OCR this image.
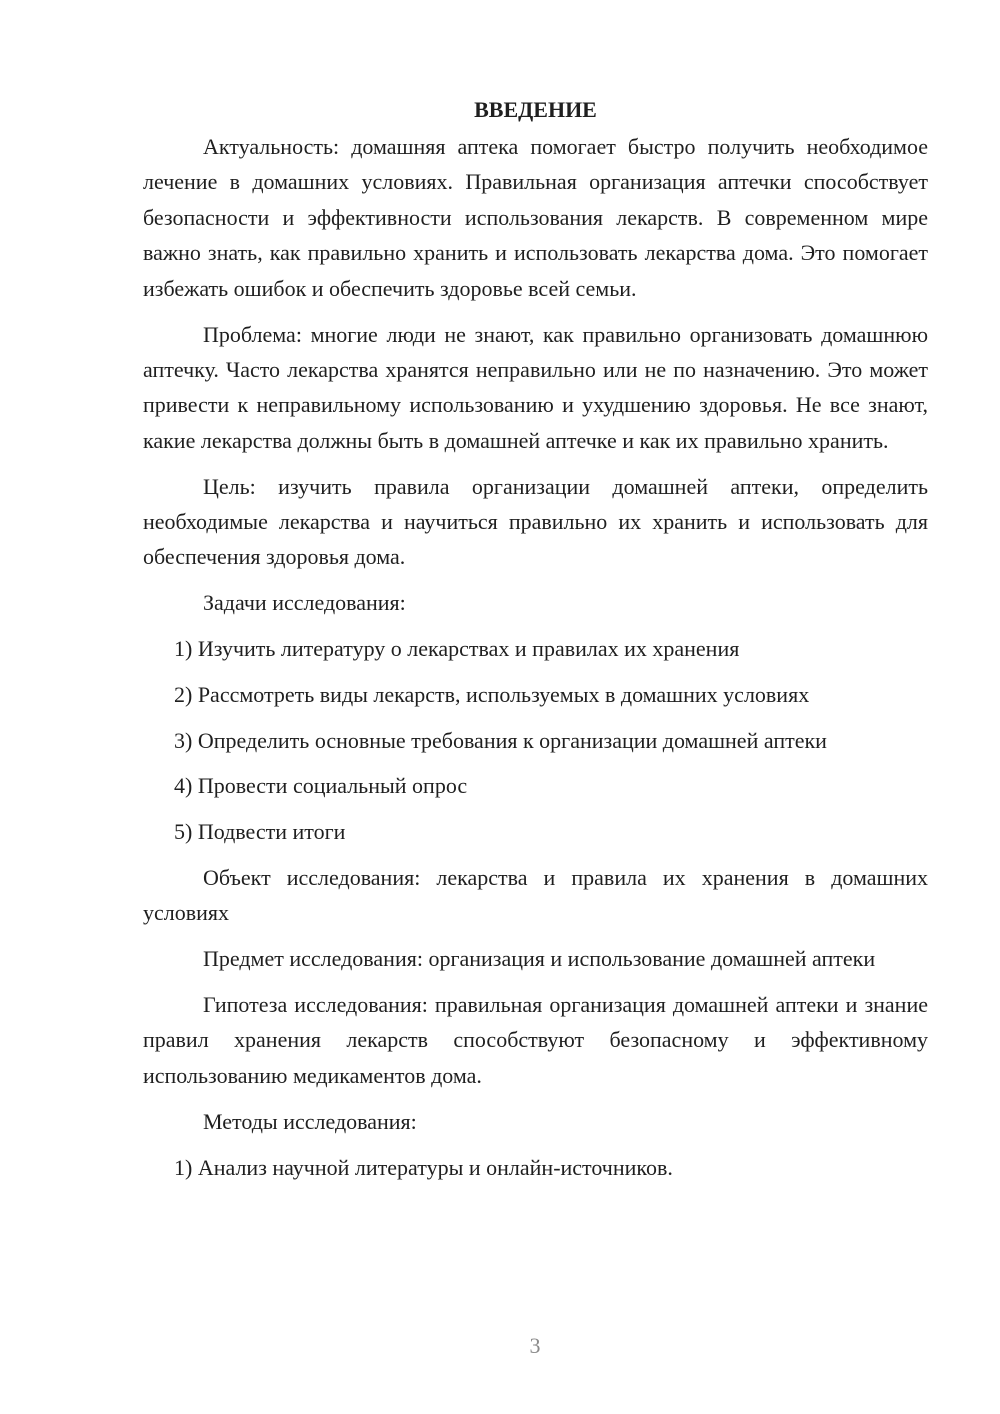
ВВЕДЕНИЕ

Актуальность: домашняя аптека помогает быстро получить необходимое лечение в домашних условиях. Правильная организация аптечки способствует безопасности и эффективности использования лекарств. В современном мире важно знать, как правильно хранить и использовать лекарства дома. Это помогает избежать ошибок и обеспечить здоровье всей семьи.

Проблема: многие люди не знают, как правильно организовать домашнюю аптечку. Часто лекарства хранятся неправильно или не по назначению. Это может привести к неправильному использованию и ухудшению здоровья. Не все знают, какие лекарства должны быть в домашней аптечке и как их правильно хранить.

Цель: изучить правила организации домашней аптеки, определить необходимые лекарства и научиться правильно их хранить и использовать для обеспечения здоровья дома.

Задачи исследования:
1) Изучить литературу о лекарствах и правилах их хранения
2) Рассмотреть виды лекарств, используемых в домашних условиях
3) Определить основные требования к организации домашней аптеки
4) Провести социальный опрос
5) Подвести итоги

Объект исследования: лекарства и правила их хранения в домашних условиях

Предмет исследования: организация и использование домашней аптеки

Гипотеза исследования: правильная организация домашней аптеки и знание правил хранения лекарств способствуют безопасному и эффективному использованию медикаментов дома.

Методы исследования:
1) Анализ научной литературы и онлайн-источников.
3
